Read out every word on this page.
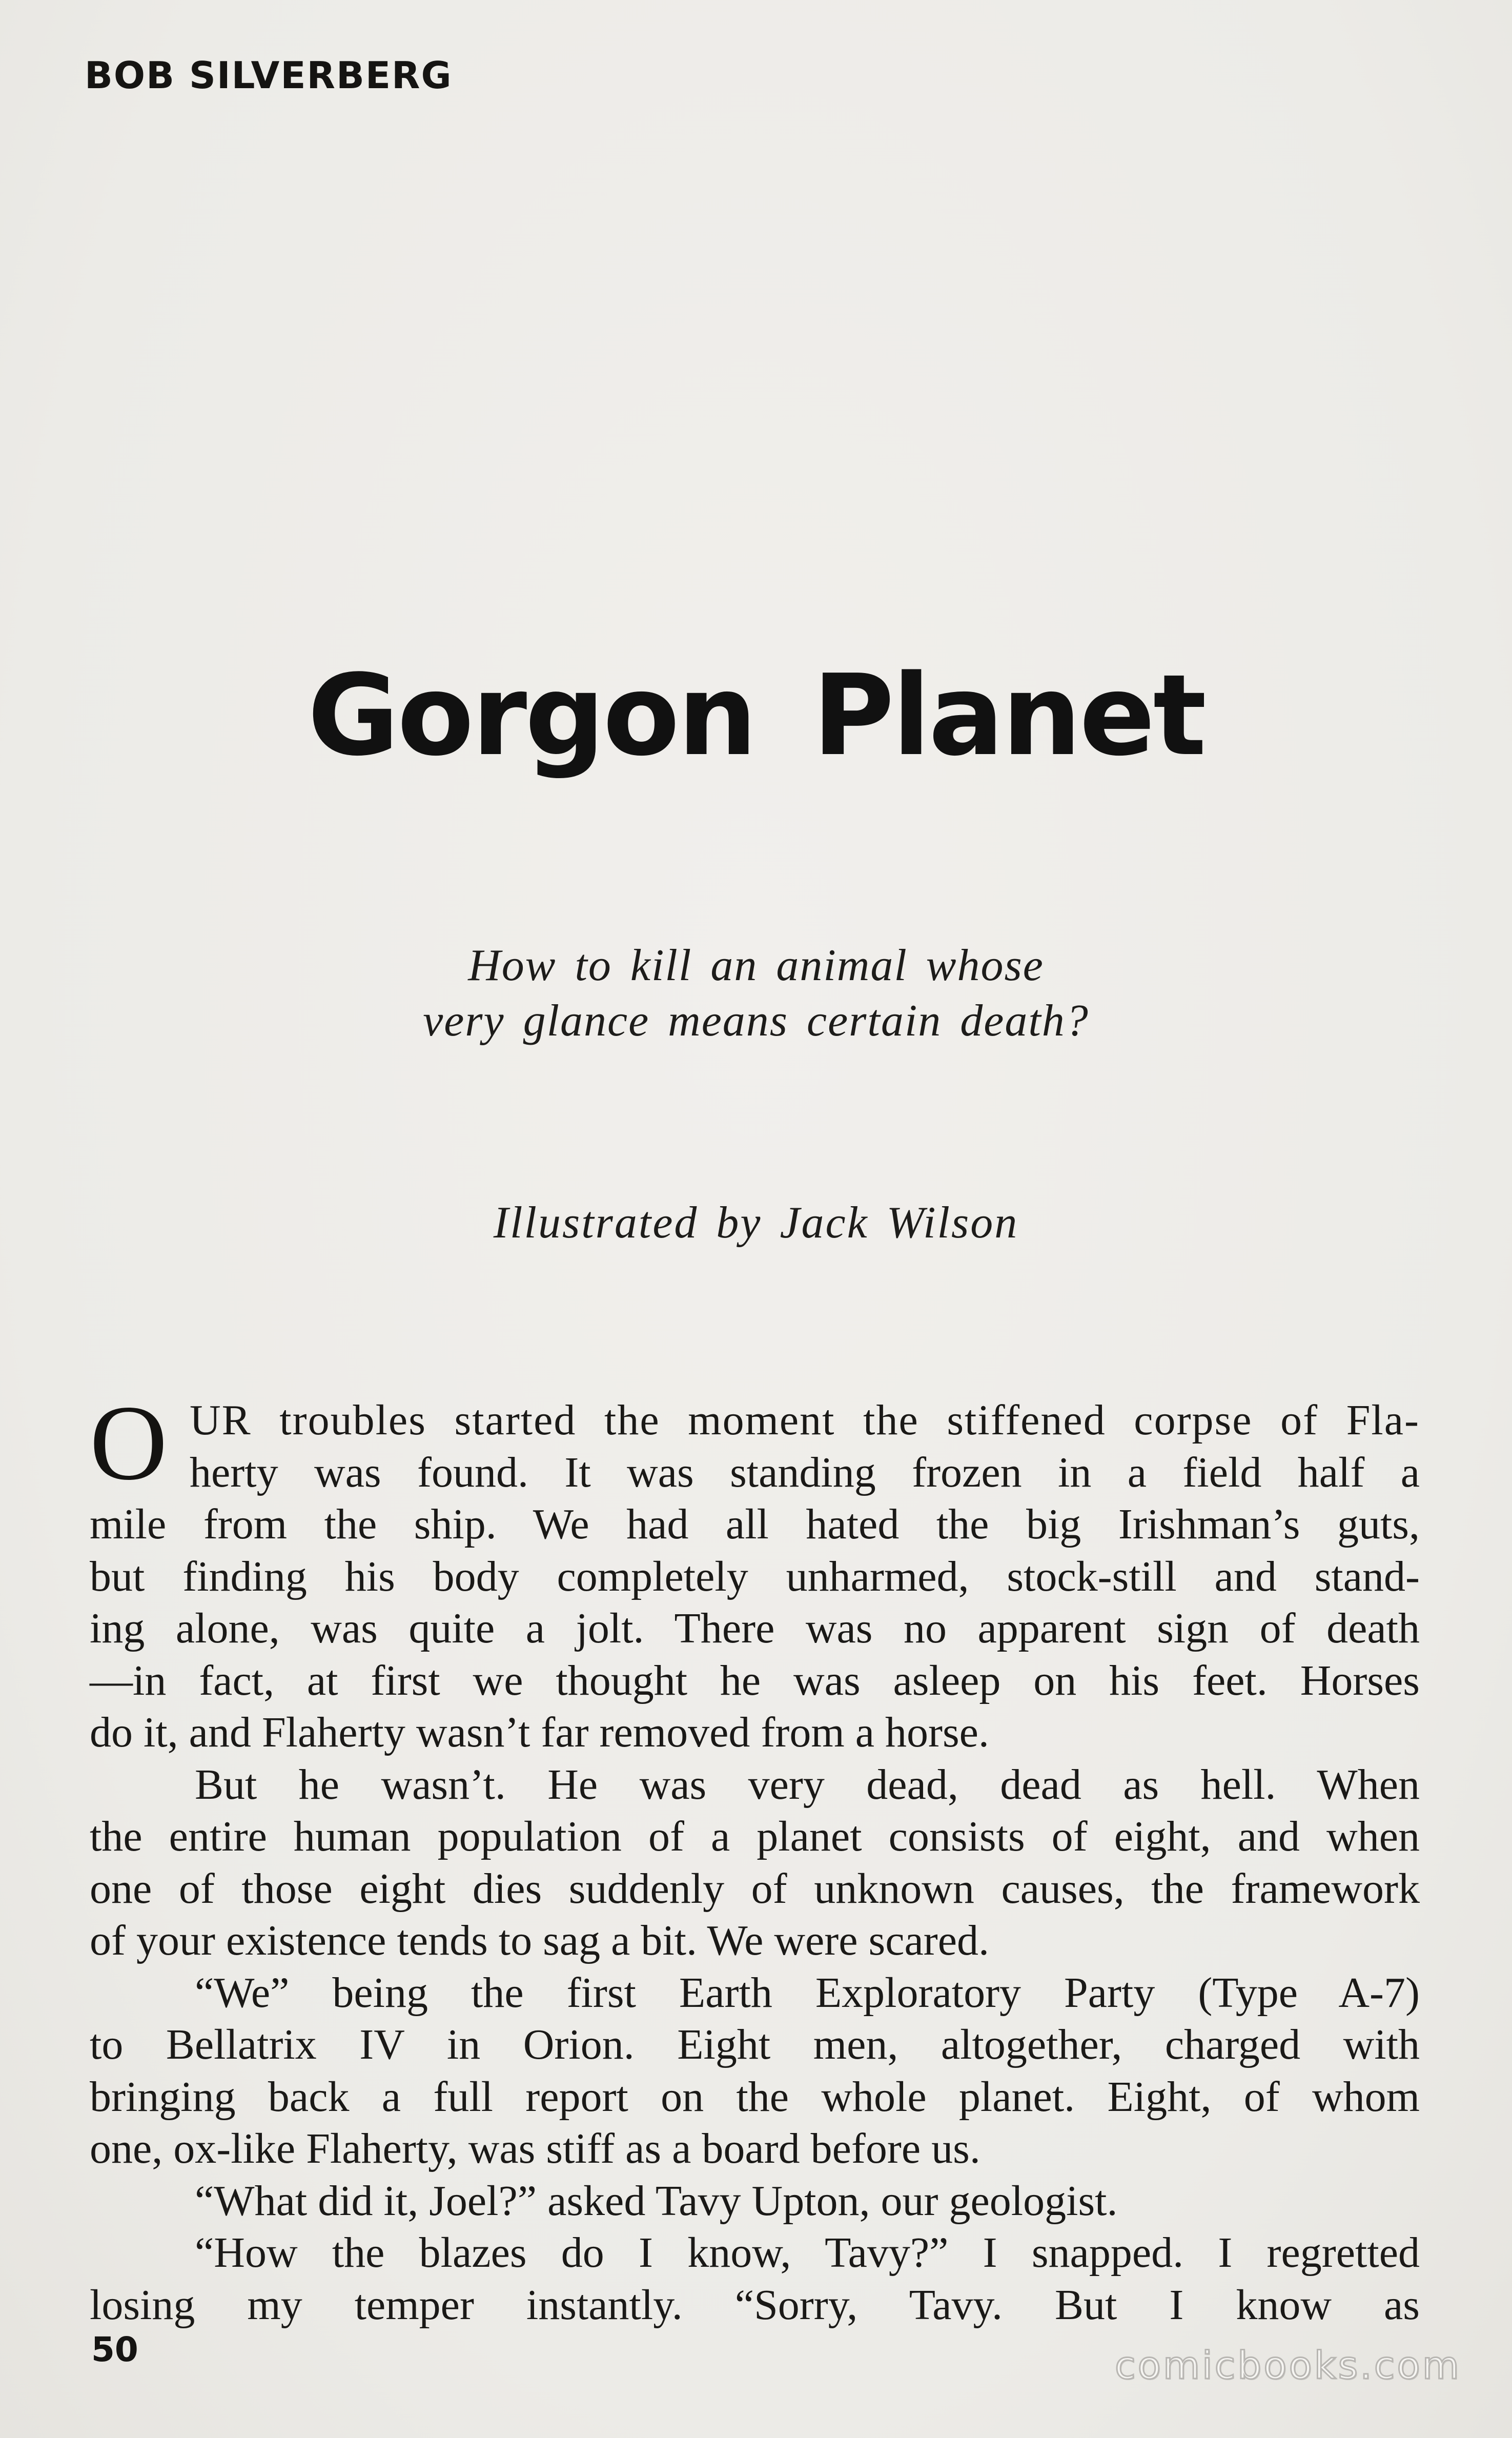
BOB SILVERBERG
Gorgon Planet
How to kill an animal whose
very glance means certain death?
Illustrated by Jack Wilson
O UR troubles started the moment the stiffened corpse of Fla-
herty was found. It was standing frozen in a field half a
mile from the ship. We had all hated the big Irishman’s guts,
but finding his body completely unharmed, stock-still and stand-
ing alone, was quite a jolt. There was no apparent sign of death
—in fact, at first we thought he was asleep on his feet. Horses
do it, and Flaherty wasn’t far removed from a horse.
But he wasn’t. He was very dead, dead as hell. When
the entire human population of a planet consists of eight, and when
one of those eight dies suddenly of unknown causes, the framework
of your existence tends to sag a bit. We were scared.
“We” being the first Earth Exploratory Party (Type A-7)
to Bellatrix IV in Orion. Eight men, altogether, charged with
bringing back a full report on the whole planet. Eight, of whom
one, ox-like Flaherty, was stiff as a board before us.
“What did it, Joel?” asked Tavy Upton, our geologist.
“How the blazes do I know, Tavy?” I snapped. I regretted
losing my temper instantly. “Sorry, Tavy. But I know as
50	comicbooks.com
